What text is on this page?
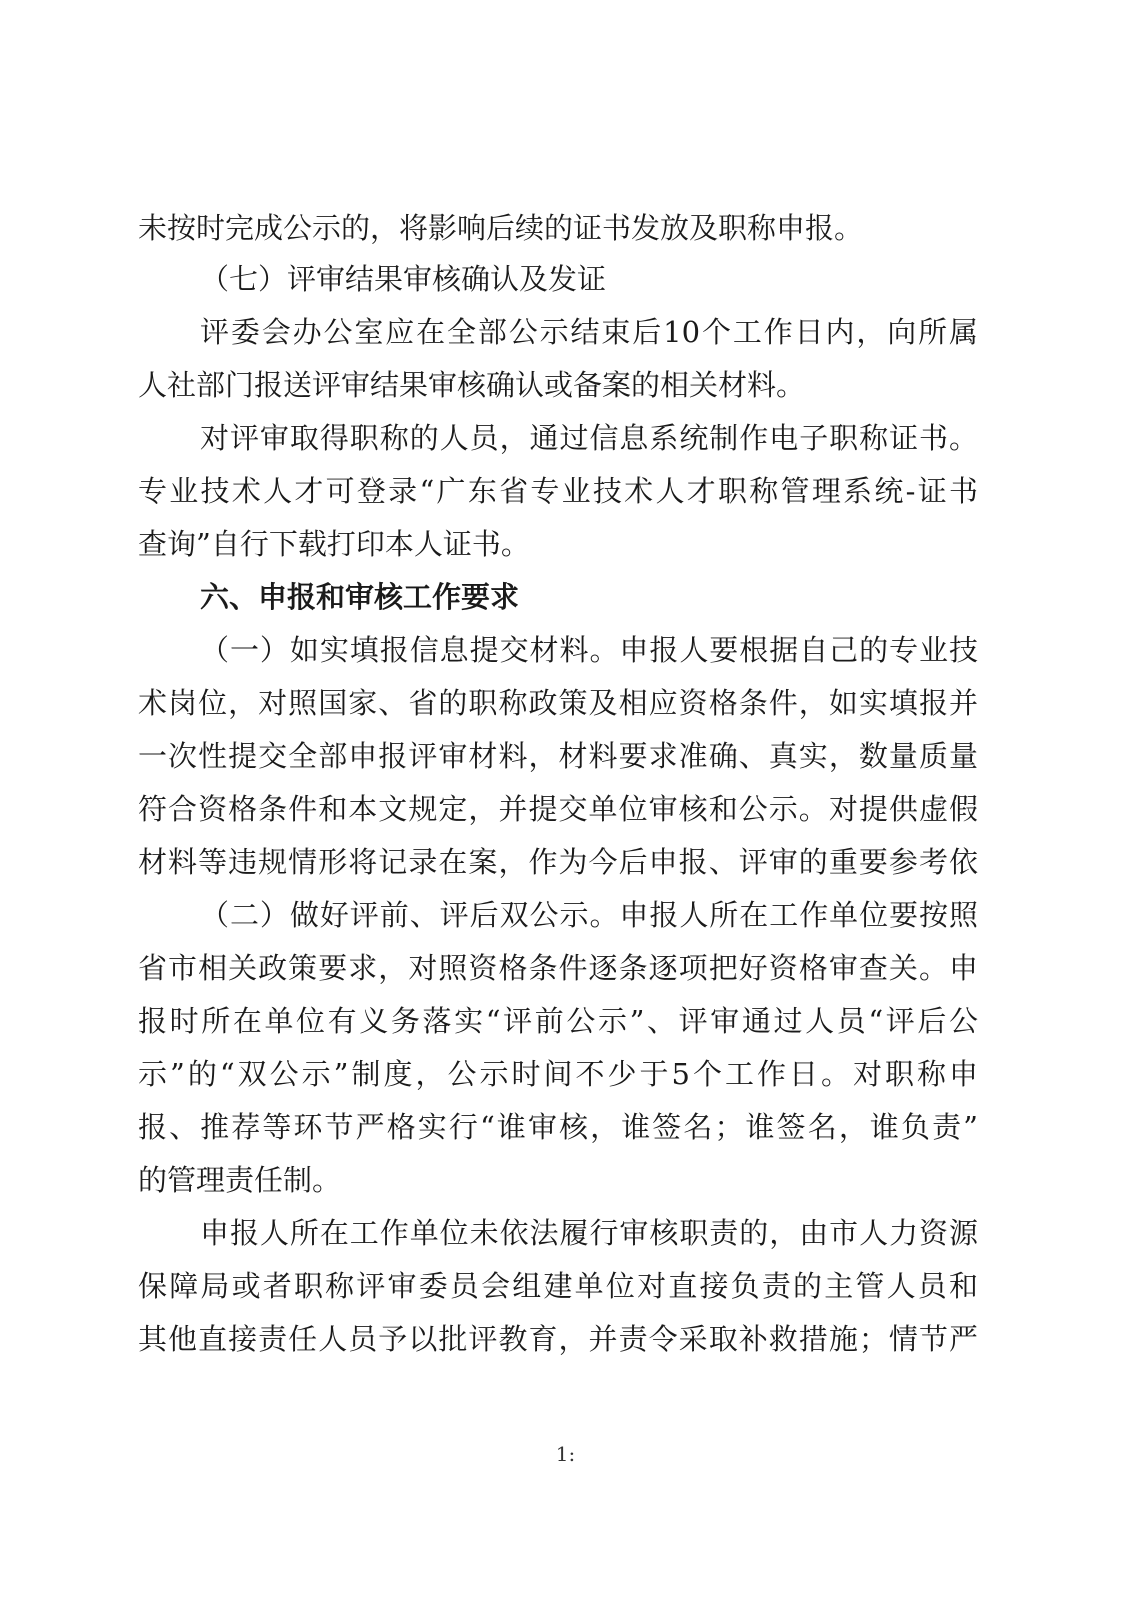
未按时完成公示的，将影响后续的证书发放及职称申报。
（七）评审结果审核确认及发证
评委会办公室应在全部公示结束后10个工作日内，向所属
人社部门报送评审结果审核确认或备案的相关材料。
对评审取得职称的人员，通过信息系统制作电子职称证书。
专业技术人才可登录“广东省专业技术人才职称管理系统-证书
查询”自行下载打印本人证书。
六、申报和审核工作要求
（一）如实填报信息提交材料。申报人要根据自己的专业技
术岗位，对照国家、省的职称政策及相应资格条件，如实填报并
一次性提交全部申报评审材料，材料要求准确、真实，数量质量
符合资格条件和本文规定，并提交单位审核和公示。对提供虚假
材料等违规情形将记录在案，作为今后申报、评审的重要参考依
（二）做好评前、评后双公示。申报人所在工作单位要按照
省市相关政策要求，对照资格条件逐条逐项把好资格审查关。申
报时所在单位有义务落实“评前公示”、评审通过人员“评后公
示”的“双公示”制度，公示时间不少于5个工作日。对职称申
报、推荐等环节严格实行“谁审核，谁签名；谁签名，谁负责”
的管理责任制。
申报人所在工作单位未依法履行审核职责的，由市人力资源
保障局或者职称评审委员会组建单位对直接负责的主管人员和
其他直接责任人员予以批评教育，并责令采取补救措施；情节严
1:
